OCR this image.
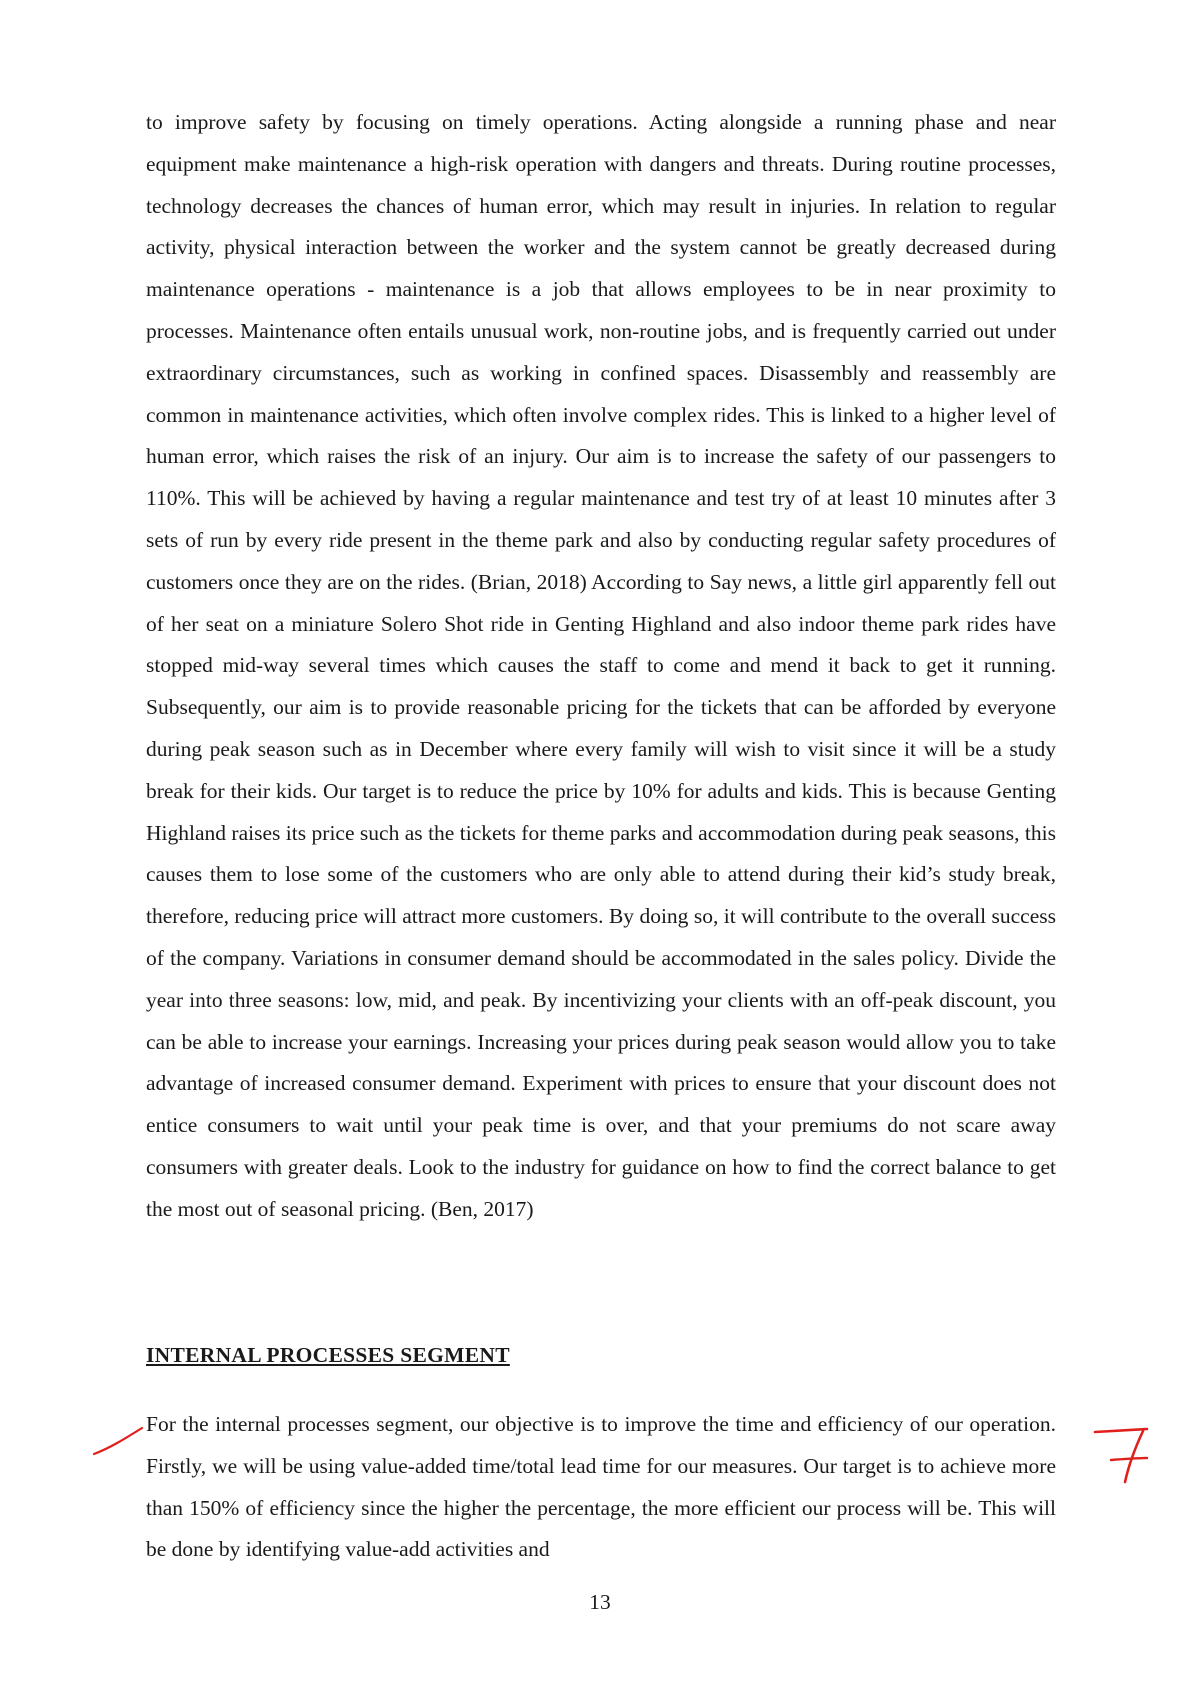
to improve safety by focusing on timely operations. Acting alongside a running phase and near equipment make maintenance a high-risk operation with dangers and threats. During routine processes, technology decreases the chances of human error, which may result in injuries. In relation to regular activity, physical interaction between the worker and the system cannot be greatly decreased during maintenance operations - maintenance is a job that allows employees to be in near proximity to processes. Maintenance often entails unusual work, non-routine jobs, and is frequently carried out under extraordinary circumstances, such as working in confined spaces. Disassembly and reassembly are common in maintenance activities, which often involve complex rides. This is linked to a higher level of human error, which raises the risk of an injury. Our aim is to increase the safety of our passengers to 110%. This will be achieved by having a regular maintenance and test try of at least 10 minutes after 3 sets of run by every ride present in the theme park and also by conducting regular safety procedures of customers once they are on the rides. (Brian, 2018) According to Say news, a little girl apparently fell out of her seat on a miniature Solero Shot ride in Genting Highland and also indoor theme park rides have stopped mid-way several times which causes the staff to come and mend it back to get it running. Subsequently, our aim is to provide reasonable pricing for the tickets that can be afforded by everyone during peak season such as in December where every family will wish to visit since it will be a study break for their kids. Our target is to reduce the price by 10% for adults and kids. This is because Genting Highland raises its price such as the tickets for theme parks and accommodation during peak seasons, this causes them to lose some of the customers who are only able to attend during their kid’s study break, therefore, reducing price will attract more customers. By doing so, it will contribute to the overall success of the company. Variations in consumer demand should be accommodated in the sales policy. Divide the year into three seasons: low, mid, and peak. By incentivizing your clients with an off-peak discount, you can be able to increase your earnings. Increasing your prices during peak season would allow you to take advantage of increased consumer demand. Experiment with prices to ensure that your discount does not entice consumers to wait until your peak time is over, and that your premiums do not scare away consumers with greater deals. Look to the industry for guidance on how to find the correct balance to get the most out of seasonal pricing. (Ben, 2017)

INTERNAL PROCESSES SEGMENT

For the internal processes segment, our objective is to improve the time and efficiency of our operation. Firstly, we will be using value-added time/total lead time for our measures. Our target is to achieve more than 150% of efficiency since the higher the percentage, the more efficient our process will be. This will be done by identifying value-add activities and

13
